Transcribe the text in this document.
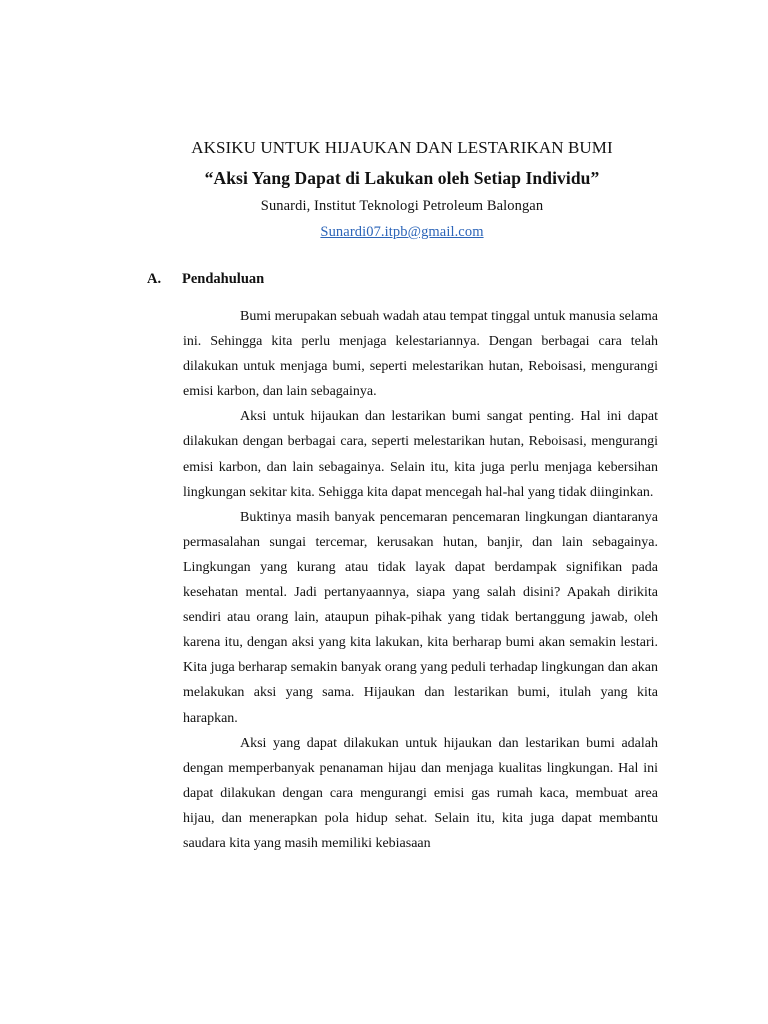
AKSIKU UNTUK HIJAUKAN DAN LESTARIKAN BUMI
“Aksi Yang Dapat di Lakukan oleh Setiap Individu”
Sunardi, Institut Teknologi Petroleum Balongan
Sunardi07.itpb@gmail.com
A. Pendahuluan

Bumi merupakan sebuah wadah atau tempat tinggal untuk manusia selama ini. Sehingga kita perlu menjaga kelestariannya. Dengan berbagai cara telah dilakukan untuk menjaga bumi, seperti melestarikan hutan, Reboisasi, mengurangi emisi karbon, dan lain sebagainya.

Aksi untuk hijaukan dan lestarikan bumi sangat penting. Hal ini dapat dilakukan dengan berbagai cara, seperti melestarikan hutan, Reboisasi, mengurangi emisi karbon, dan lain sebagainya. Selain itu, kita juga perlu menjaga kebersihan lingkungan sekitar kita. Sehigga kita dapat mencegah hal-hal yang tidak diinginkan.

Buktinya masih banyak pencemaran pencemaran lingkungan diantaranya permasalahan sungai tercemar, kerusakan hutan, banjir, dan lain sebagainya. Lingkungan yang kurang atau tidak layak dapat berdampak signifikan pada kesehatan mental. Jadi pertanyaannya, siapa yang salah disini? Apakah dirikita sendiri atau orang lain, ataupun pihak-pihak yang tidak bertanggung jawab, oleh karena itu, dengan aksi yang kita lakukan, kita berharap bumi akan semakin lestari. Kita juga berharap semakin banyak orang yang peduli terhadap lingkungan dan akan melakukan aksi yang sama. Hijaukan dan lestarikan bumi, itulah yang kita harapkan.

Aksi yang dapat dilakukan untuk hijaukan dan lestarikan bumi adalah dengan memperbanyak penanaman hijau dan menjaga kualitas lingkungan. Hal ini dapat dilakukan dengan cara mengurangi emisi gas rumah kaca, membuat area hijau, dan menerapkan pola hidup sehat. Selain itu, kita juga dapat membantu saudara kita yang masih memiliki kebiasaan
